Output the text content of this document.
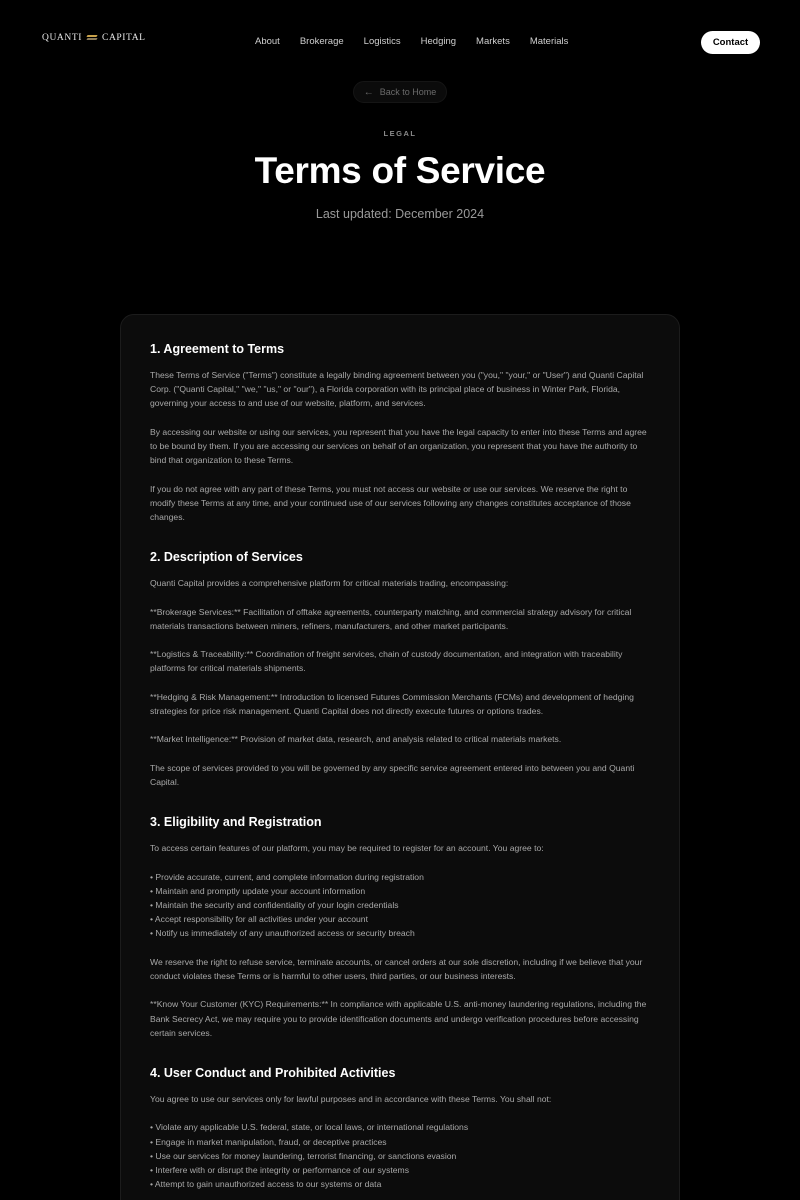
QUANTI CAPITAL	About Brokerage Logistics Hedging Markets Materials	Contact
← Back to Home
LEGAL
Terms of Service
Last updated: December 2024
1. Agreement to Terms

These Terms of Service ("Terms") constitute a legally binding agreement between you ("you," "your," or "User") and Quanti Capital Corp. ("Quanti Capital," "we," "us," or "our"), a Florida corporation with its principal place of business in Winter Park, Florida, governing your access to and use of our website, platform, and services.

By accessing our website or using our services, you represent that you have the legal capacity to enter into these Terms and agree to be bound by them. If you are accessing our services on behalf of an organization, you represent that you have the authority to bind that organization to these Terms.

If you do not agree with any part of these Terms, you must not access our website or use our services. We reserve the right to modify these Terms at any time, and your continued use of our services following any changes constitutes acceptance of those changes.

2. Description of Services

Quanti Capital provides a comprehensive platform for critical materials trading, encompassing:

**Brokerage Services:** Facilitation of offtake agreements, counterparty matching, and commercial strategy advisory for critical materials transactions between miners, refiners, manufacturers, and other market participants.

**Logistics & Traceability:** Coordination of freight services, chain of custody documentation, and integration with traceability platforms for critical materials shipments.

**Hedging & Risk Management:** Introduction to licensed Futures Commission Merchants (FCMs) and development of hedging strategies for price risk management. Quanti Capital does not directly execute futures or options trades.

**Market Intelligence:** Provision of market data, research, and analysis related to critical materials markets.

The scope of services provided to you will be governed by any specific service agreement entered into between you and Quanti Capital.

3. Eligibility and Registration

To access certain features of our platform, you may be required to register for an account. You agree to:

• Provide accurate, current, and complete information during registration
• Maintain and promptly update your account information
• Maintain the security and confidentiality of your login credentials
• Accept responsibility for all activities under your account
• Notify us immediately of any unauthorized access or security breach

We reserve the right to refuse service, terminate accounts, or cancel orders at our sole discretion, including if we believe that your conduct violates these Terms or is harmful to other users, third parties, or our business interests.

**Know Your Customer (KYC) Requirements:** In compliance with applicable U.S. anti-money laundering regulations, including the Bank Secrecy Act, we may require you to provide identification documents and undergo verification procedures before accessing certain services.

4. User Conduct and Prohibited Activities

You agree to use our services only for lawful purposes and in accordance with these Terms. You shall not:

• Violate any applicable U.S. federal, state, or local laws, or international regulations
• Engage in market manipulation, fraud, or deceptive practices
• Use our services for money laundering, terrorist financing, or sanctions evasion
• Interfere with or disrupt the integrity or performance of our systems
• Attempt to gain unauthorized access to our systems or data
